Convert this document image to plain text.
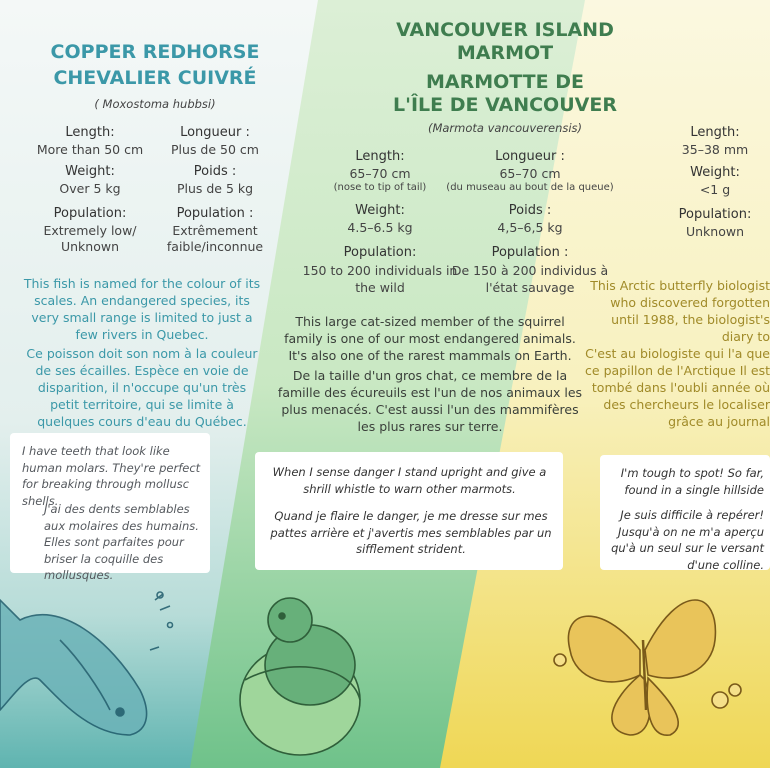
COPPER REDHORSE
CHEVALIER CUIVRÉ
( Moxostoma hubbsi)
Length:
More than 50 cm
Longueur :
Plus de 50 cm
Weight:
Over 5 kg
Poids :
Plus de 5 kg
Population:
Extremely low/ Unknown
Population :
Extrêmement faible/inconnue
This fish is named for the colour of its scales. An endangered species, its very small range is limited to just a few rivers in Quebec.
Ce poisson doit son nom à la couleur de ses écailles. Espèce en voie de disparition, il n'occupe qu'un très petit territoire, qui se limite à quelques cours d'eau du Québec.
I have teeth that look like human molars. They're perfect for breaking through mollusc shells.
J'ai des dents semblables aux molaires des humains. Elles sont parfaites pour briser la coquille des mollusques.
VANCOUVER ISLAND
MARMOT
MARMOTTE DE
L'ÎLE DE VANCOUVER
(Marmota vancouverensis)
Length:
65–70 cm
(nose to tip of tail)
Longueur :
65–70 cm
(du museau au bout de la queue)
Weight:
4.5–6.5 kg
Poids :
4,5–6,5 kg
Population:
150 to 200 individuals in the wild
Population :
De 150 à 200 individus à l'état sauvage
This large cat-sized member of the squirrel family is one of our most endangered animals. It's also one of the rarest mammals on Earth.
De la taille d'un gros chat, ce membre de la famille des écureuils est l'un de nos animaux les plus menacés. C'est aussi l'un des mammifères les plus rares sur terre.
When I sense danger I stand upright and give a shrill whistle to warn other marmots.
Quand je flaire le danger, je me dresse sur mes pattes arrière et j'avertis mes semblables par un sifflement strident.
Length:
35–38 mm
Weight:
<1 g
Population:
Unknown
This Arctic butterfly biologist who discovered forgotten until 1988, the biologist's diary to
C'est au biologiste qui l'a que ce papillon de l'Arctique Il est tombé dans l'oubli année où des chercheurs le localiser grâce au journal
I'm tough to spot! So far, found in a single hillside
Je suis difficile à repérer! Jusqu'à on ne m'a aperçu qu'à un seul sur le versant d'une colline.
